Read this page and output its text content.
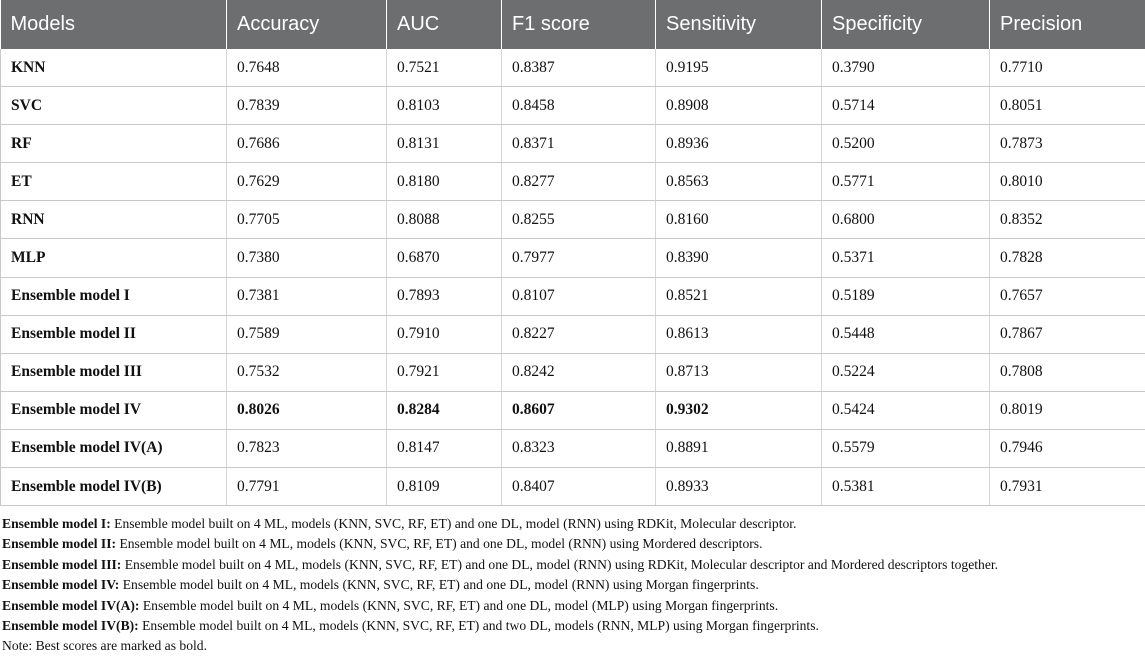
Models	Accuracy	AUC	F1 score	Sensitivity	Specificity	Precision
KNN	0.7648	0.7521	0.8387	0.9195	0.3790	0.7710
SVC	0.7839	0.8103	0.8458	0.8908	0.5714	0.8051
RF	0.7686	0.8131	0.8371	0.8936	0.5200	0.7873
ET	0.7629	0.8180	0.8277	0.8563	0.5771	0.8010
RNN	0.7705	0.8088	0.8255	0.8160	0.6800	0.8352
MLP	0.7380	0.6870	0.7977	0.8390	0.5371	0.7828
Ensemble model I	0.7381	0.7893	0.8107	0.8521	0.5189	0.7657
Ensemble model II	0.7589	0.7910	0.8227	0.8613	0.5448	0.7867
Ensemble model III	0.7532	0.7921	0.8242	0.8713	0.5224	0.7808
Ensemble model IV	0.8026	0.8284	0.8607	0.9302	0.5424	0.8019
Ensemble model IV(A)	0.7823	0.8147	0.8323	0.8891	0.5579	0.7946
Ensemble model IV(B)	0.7791	0.8109	0.8407	0.8933	0.5381	0.7931

Ensemble model I: Ensemble model built on 4 ML, models (KNN, SVC, RF, ET) and one DL, model (RNN) using RDKit, Molecular descriptor.

Ensemble model II: Ensemble model built on 4 ML, models (KNN, SVC, RF, ET) and one DL, model (RNN) using Mordered descriptors.

Ensemble model III: Ensemble model built on 4 ML, models (KNN, SVC, RF, ET) and one DL, model (RNN) using RDKit, Molecular descriptor and Mordered descriptors together.

Ensemble model IV: Ensemble model built on 4 ML, models (KNN, SVC, RF, ET) and one DL, model (RNN) using Morgan fingerprints.

Ensemble model IV(A): Ensemble model built on 4 ML, models (KNN, SVC, RF, ET) and one DL, model (MLP) using Morgan fingerprints.

Ensemble model IV(B): Ensemble model built on 4 ML, models (KNN, SVC, RF, ET) and two DL, models (RNN, MLP) using Morgan fingerprints.

Note: Best scores are marked as bold.
